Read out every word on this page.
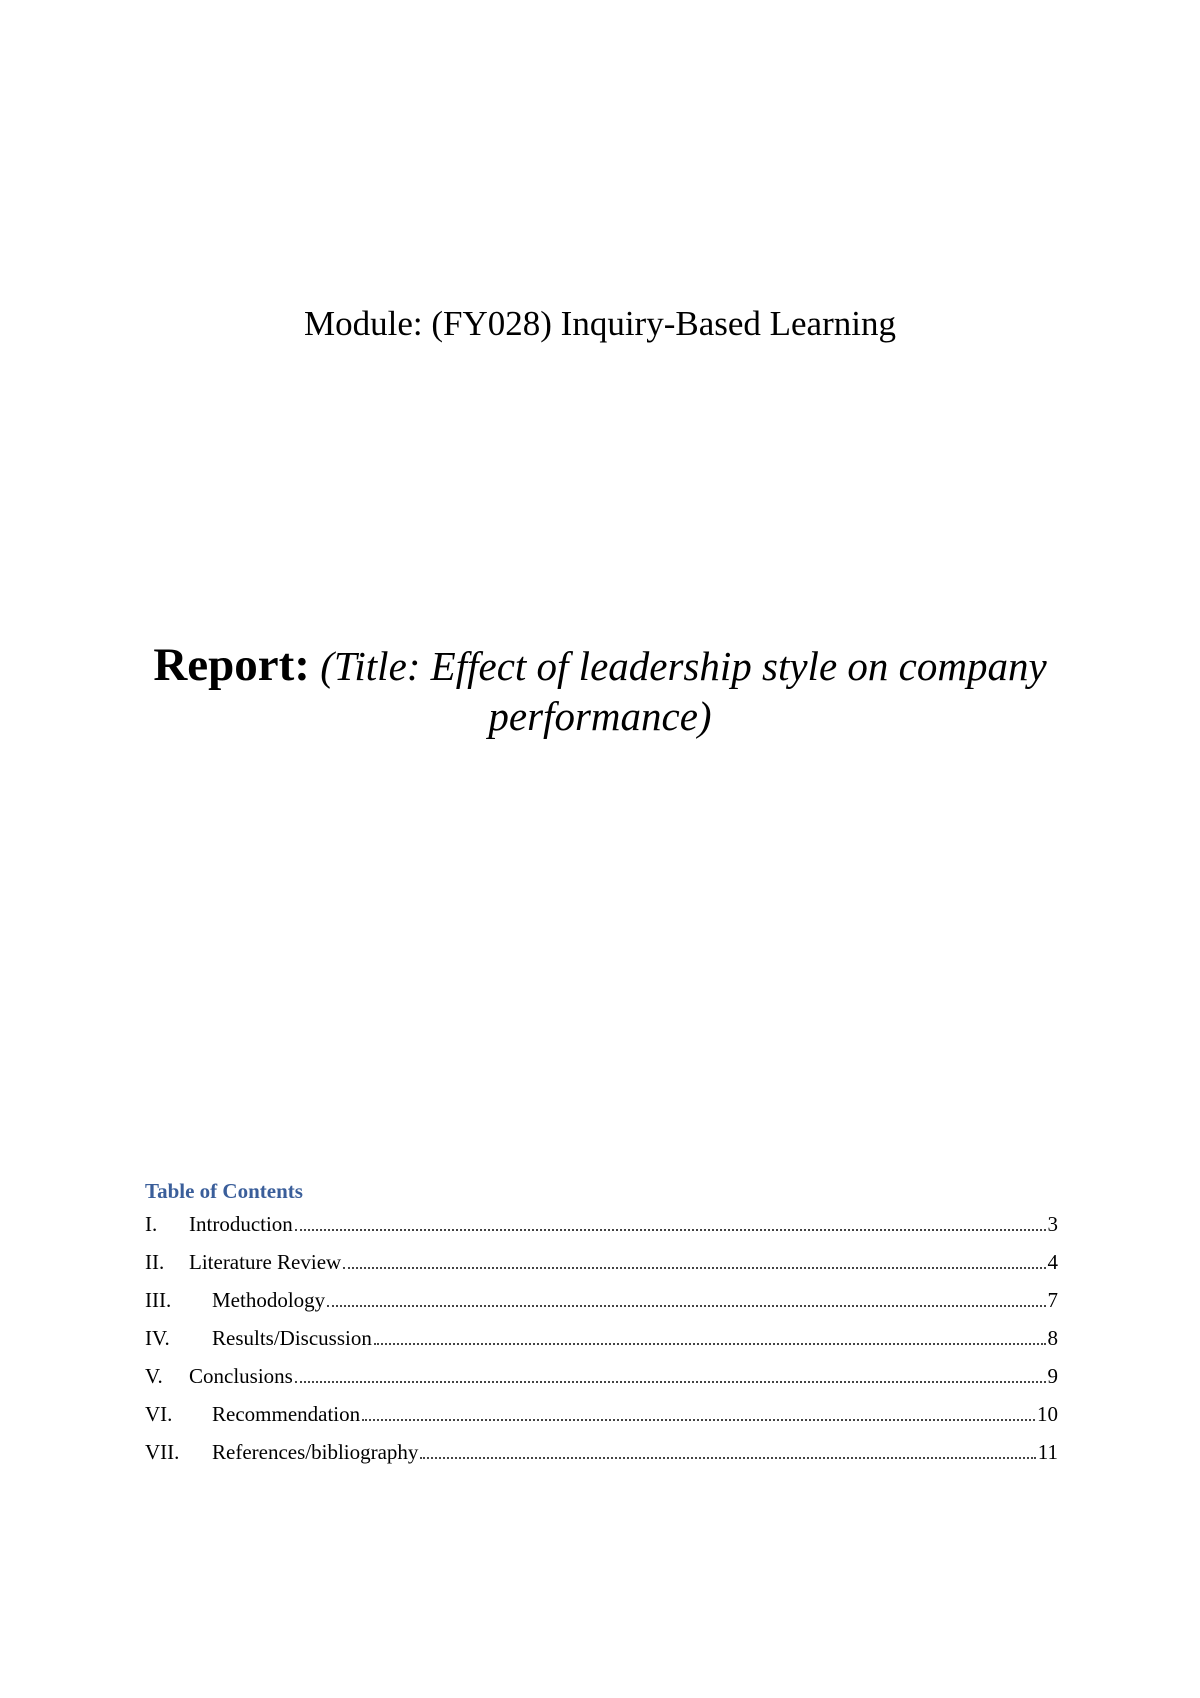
Module: (FY028) Inquiry-Based Learning
Report: (Title: Effect of leadership style on company performance)
Table of Contents
I.	Introduction	3
II.	Literature Review	4
III.	Methodology	7
IV.	Results/Discussion	8
V.	Conclusions	9
VI.	Recommendation	10
VII.	References/bibliography	11
